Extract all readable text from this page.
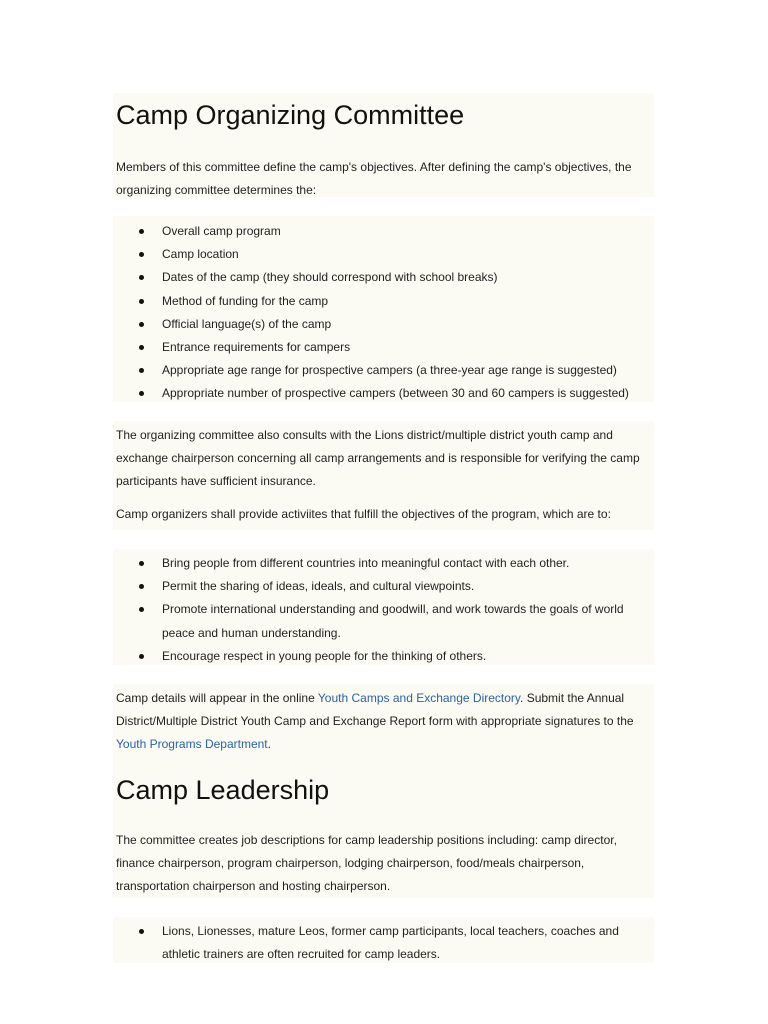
Camp Organizing Committee
Members of this committee define the camp's objectives. After defining the camp's objectives, the organizing committee determines the:
Overall camp program
Camp location
Dates of the camp (they should correspond with school breaks)
Method of funding for the camp
Official language(s) of the camp
Entrance requirements for campers
Appropriate age range for prospective campers (a three-year age range is suggested)
Appropriate number of prospective campers (between 30 and 60 campers is suggested)
The organizing committee also consults with the Lions district/multiple district youth camp and exchange chairperson concerning all camp arrangements and is responsible for verifying the camp participants have sufficient insurance.
Camp organizers shall provide activiites that fulfill the objectives of the program, which are to:
Bring people from different countries into meaningful contact with each other.
Permit the sharing of ideas, ideals, and cultural viewpoints.
Promote international understanding and goodwill, and work towards the goals of world peace and human understanding.
Encourage respect in young people for the thinking of others.
Camp details will appear in the online Youth Camps and Exchange Directory. Submit the Annual District/Multiple District Youth Camp and Exchange Report form with appropriate signatures to the Youth Programs Department.
Camp Leadership
The committee creates job descriptions for camp leadership positions including: camp director, finance chairperson, program chairperson, lodging chairperson, food/meals chairperson, transportation chairperson and hosting chairperson.
Lions, Lionesses, mature Leos, former camp participants, local teachers, coaches and athletic trainers are often recruited for camp leaders.
